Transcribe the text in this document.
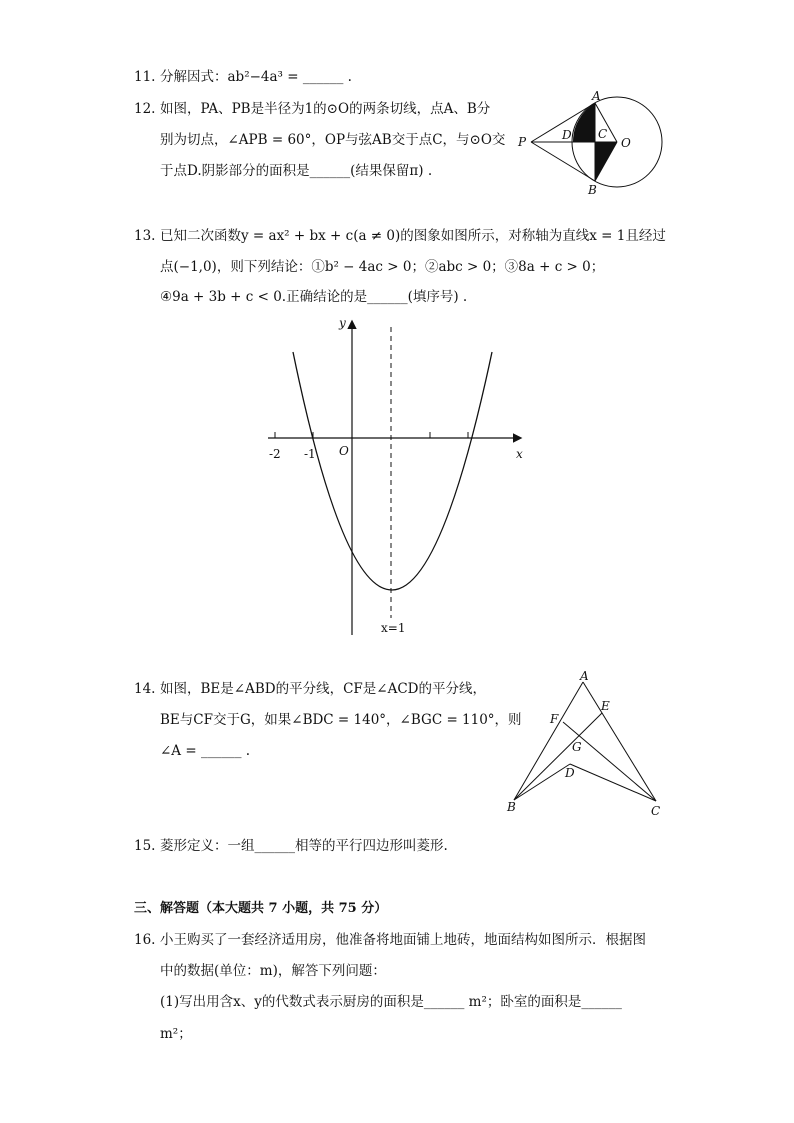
11. 分解因式：ab²−4a³ = ______ .
12. 如图，PA、PB是半径为1的⊙O的两条切线，点A、B分
别为切点，∠APB = 60°，OP与弦AB交于点C，与⊙O交
于点D.阴影部分的面积是______(结果保留π) .
A
B
C
D
O
P
13. 已知二次函数y = ax² + bx + c(a ≠ 0)的图象如图所示，对称轴为直线x = 1且经过
点(−1,0)，则下列结论：①b² − 4ac > 0；②abc > 0；③8a + c > 0；
④9a + 3b + c < 0.正确结论的是______(填序号) .
y
x
O
-2 -1
x=1
14. 如图，BE是∠ABD的平分线，CF是∠ACD的平分线，
BE与CF交于G，如果∠BDC = 140°，∠BGC = 110°，则
∠A = ______ .
A
B	C
D
E
F
G
15. 菱形定义：一组______相等的平行四边形叫菱形.
三、解答题（本大题共 7 小题，共 75 分）
16. 小王购买了一套经济适用房，他准备将地面铺上地砖，地面结构如图所示．根据图
中的数据(单位：m)，解答下列问题：
(1)写出用含x、y的代数式表示厨房的面积是______ m²；卧室的面积是______
m²；
